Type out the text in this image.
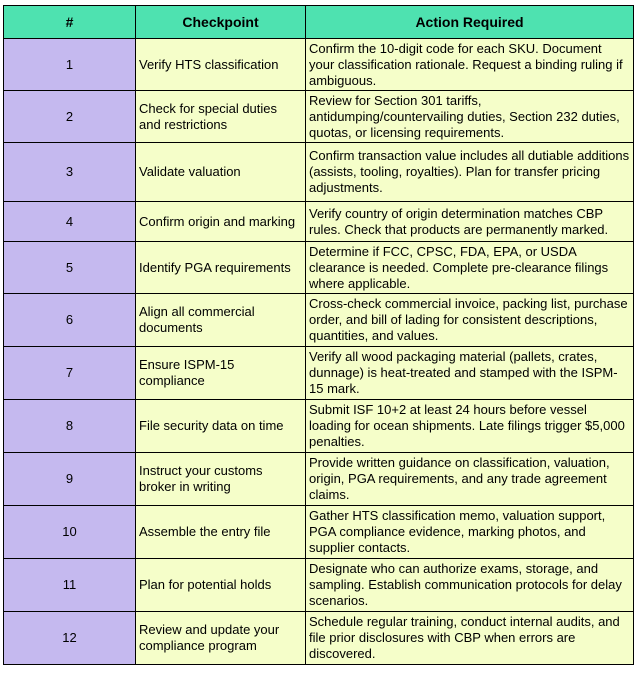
#	Checkpoint	Action Required
1	Verify HTS classification	Confirm the 10-digit code for each SKU. Document your classification rationale. Request a binding ruling if ambiguous.
2	Check for special duties and restrictions	Review for Section 301 tariffs, antidumping/countervailing duties, Section 232 duties, quotas, or licensing requirements.
3	Validate valuation	Confirm transaction value includes all dutiable additions (assists, tooling, royalties). Plan for transfer pricing adjustments.
4	Confirm origin and marking	Verify country of origin determination matches CBP rules. Check that products are permanently marked.
5	Identify PGA requirements	Determine if FCC, CPSC, FDA, EPA, or USDA clearance is needed. Complete pre-clearance filings where applicable.
6	Align all commercial documents	Cross-check commercial invoice, packing list, purchase order, and bill of lading for consistent descriptions, quantities, and values.
7	Ensure ISPM-15 compliance	Verify all wood packaging material (pallets, crates, dunnage) is heat-treated and stamped with the ISPM-15 mark.
8	File security data on time	Submit ISF 10+2 at least 24 hours before vessel loading for ocean shipments. Late filings trigger $5,000 penalties.
9	Instruct your customs broker in writing	Provide written guidance on classification, valuation, origin, PGA requirements, and any trade agreement claims.
10	Assemble the entry file	Gather HTS classification memo, valuation support, PGA compliance evidence, marking photos, and supplier contacts.
11	Plan for potential holds	Designate who can authorize exams, storage, and sampling. Establish communication protocols for delay scenarios.
12	Review and update your compliance program	Schedule regular training, conduct internal audits, and file prior disclosures with CBP when errors are discovered.
